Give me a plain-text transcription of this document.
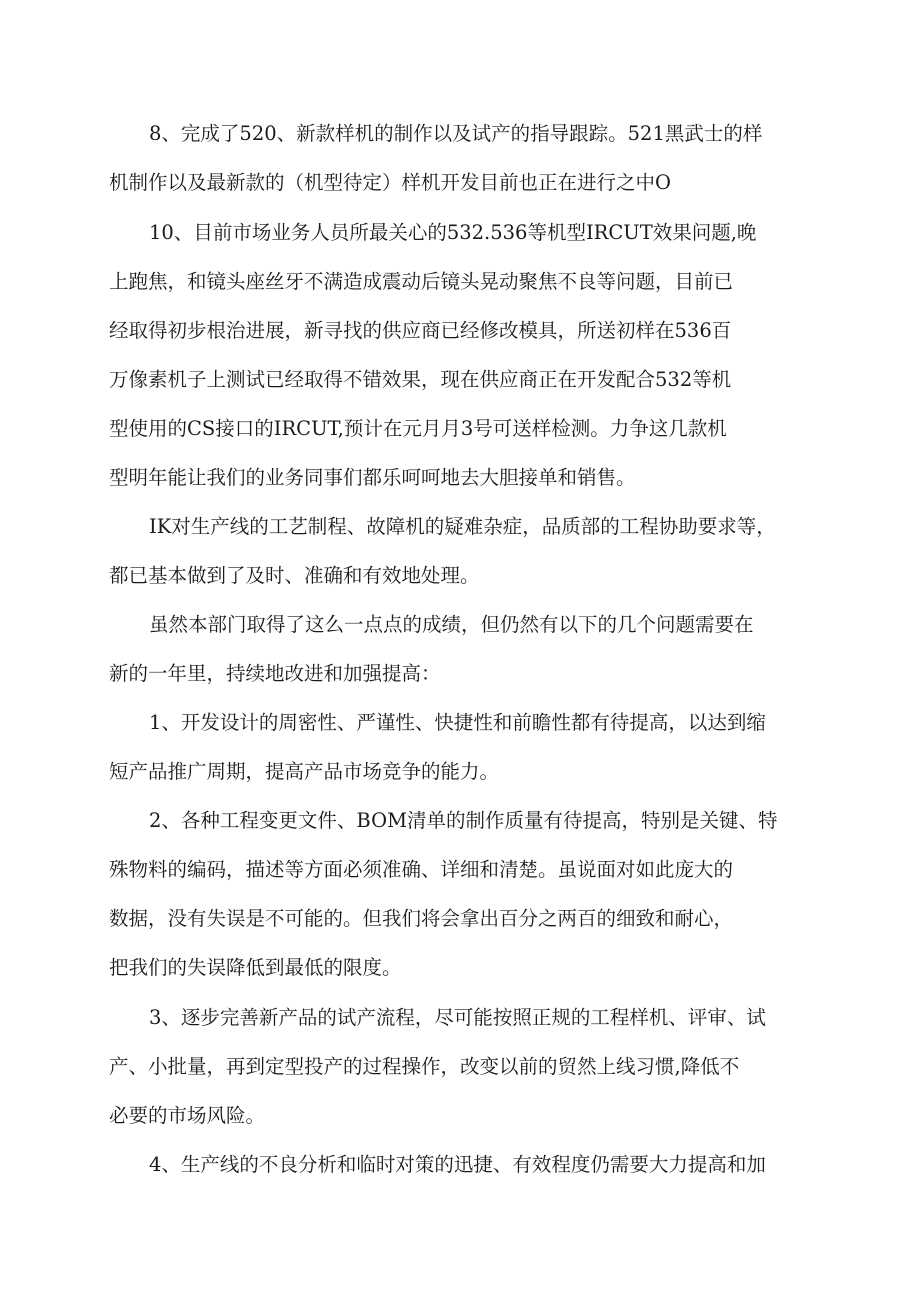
8、完成了520、新款样机的制作以及试产的指导跟踪。521黑武士的样
机制作以及最新款的（机型待定）样机开发目前也正在进行之中O
10、目前市场业务人员所最关心的532.536等机型IRCUT效果问题,晚
上跑焦，和镜头座丝牙不满造成震动后镜头晃动聚焦不良等问题，目前已
经取得初步根治进展，新寻找的供应商已经修改模具，所送初样在536百
万像素机子上测试已经取得不错效果，现在供应商正在开发配合532等机
型使用的CS接口的IRCUT,预计在元月月3号可送样检测。力争这几款机
型明年能让我们的业务同事们都乐呵呵地去大胆接单和销售。
IK对生产线的工艺制程、故障机的疑难杂症，品质部的工程协助要求等，
都已基本做到了及时、准确和有效地处理。
虽然本部门取得了这么一点点的成绩，但仍然有以下的几个问题需要在
新的一年里，持续地改进和加强提高：
1、开发设计的周密性、严谨性、快捷性和前瞻性都有待提高，以达到缩
短产品推广周期，提高产品市场竞争的能力。
2、各种工程变更文件、BOM清单的制作质量有待提高，特别是关键、特
殊物料的编码，描述等方面必须准确、详细和清楚。虽说面对如此庞大的
数据，没有失误是不可能的。但我们将会拿出百分之两百的细致和耐心，
把我们的失误降低到最低的限度。
3、逐步完善新产品的试产流程，尽可能按照正规的工程样机、评审、试
产、小批量，再到定型投产的过程操作，改变以前的贸然上线习惯,降低不
必要的市场风险。
4、生产线的不良分析和临时对策的迅捷、有效程度仍需要大力提高和加
